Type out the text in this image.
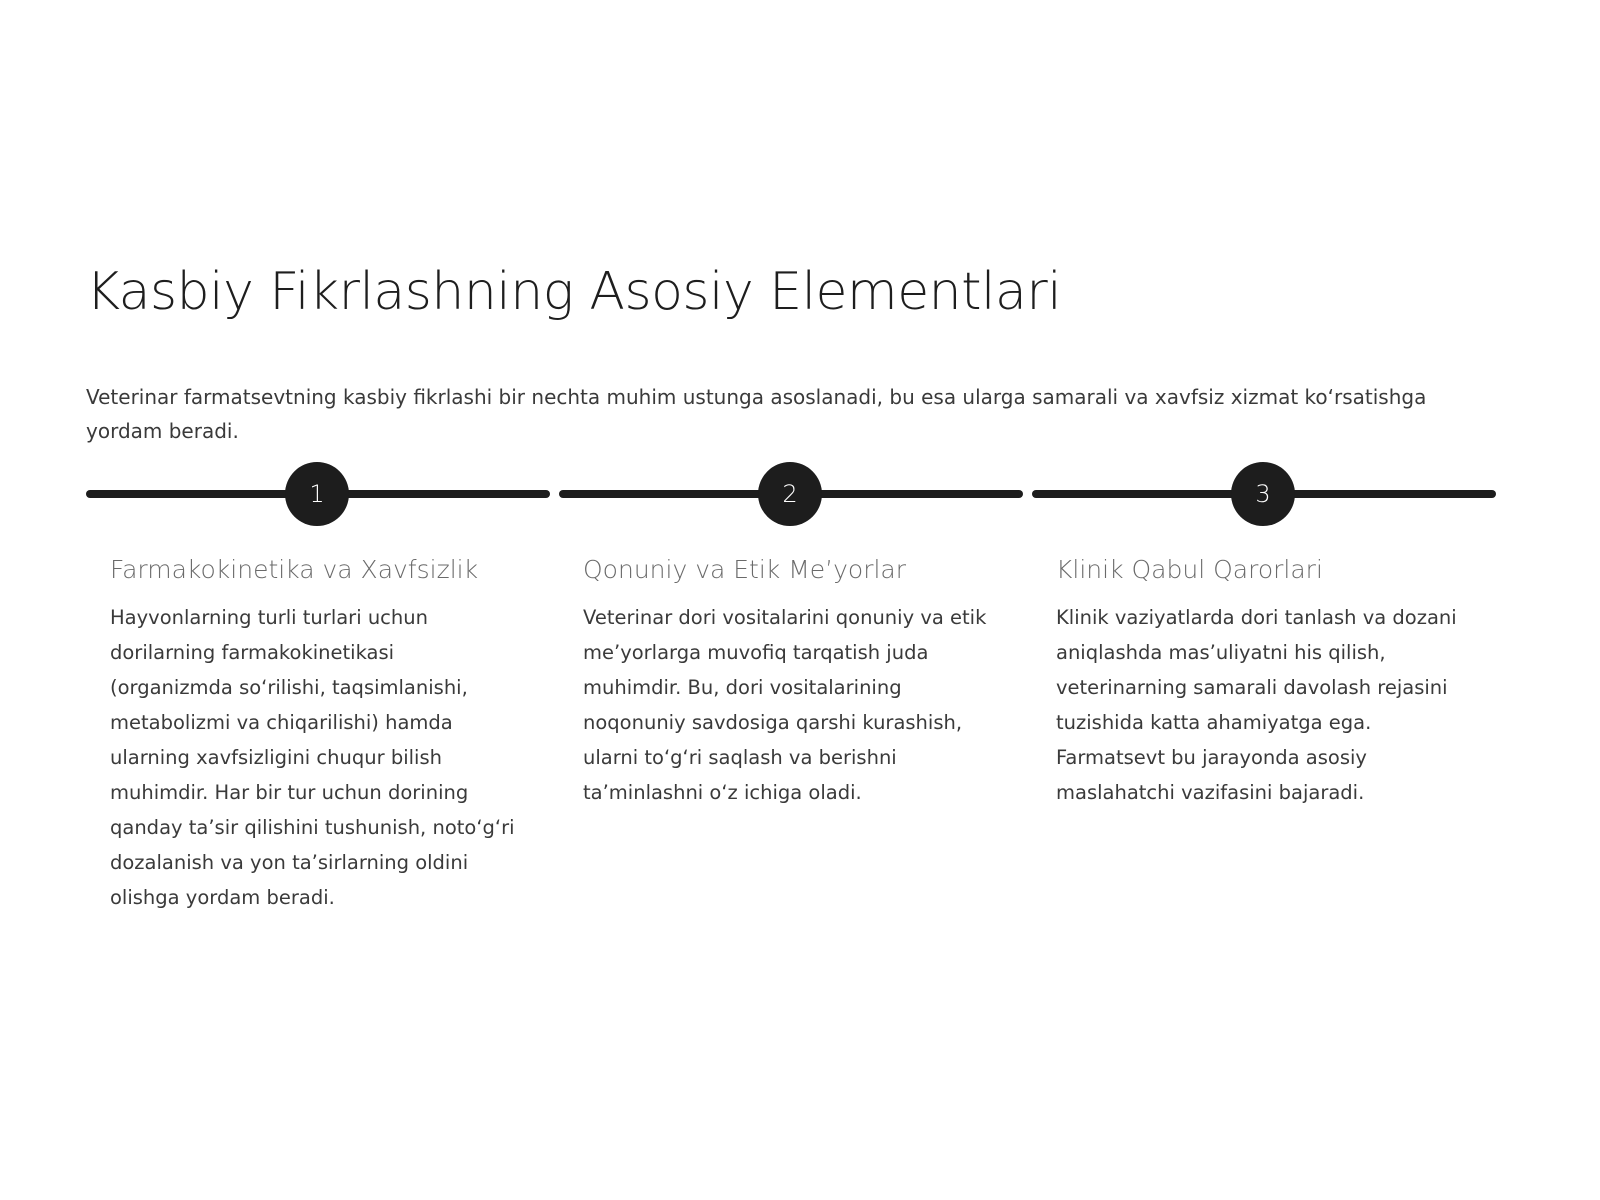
Kasbiy Fikrlashning Asosiy Elementlari

Veterinar farmatsevtning kasbiy fikrlashi bir nechta muhim ustunga asoslanadi, bu esa ularga samarali va xavfsiz xizmat ko‘rsatishga yordam beradi.

1
Farmakokinetika va Xavfsizlik

Hayvonlarning turli turlari uchun dorilarning farmakokinetikasi (organizmda so‘rilishi, taqsimlanishi, metabolizmi va chiqarilishi) hamda ularning xavfsizligini chuqur bilish muhimdir. Har bir tur uchun dorining qanday ta’sir qilishini tushunish, noto‘g‘ri dozalanish va yon ta’sirlarning oldini olishga yordam beradi.

2
Qonuniy va Etik Me’yorlar

Veterinar dori vositalarini qonuniy va etik me’yorlarga muvofiq tarqatish juda muhimdir. Bu, dori vositalarining noqonuniy savdosiga qarshi kurashish, ularni to‘g‘ri saqlash va berishni ta’minlashni o‘z ichiga oladi.

3
Klinik Qabul Qarorlari

Klinik vaziyatlarda dori tanlash va dozani aniqlashda mas’uliyatni his qilish, veterinarning samarali davolash rejasini tuzishida katta ahamiyatga ega. Farmatsevt bu jarayonda asosiy maslahatchi vazifasini bajaradi.
